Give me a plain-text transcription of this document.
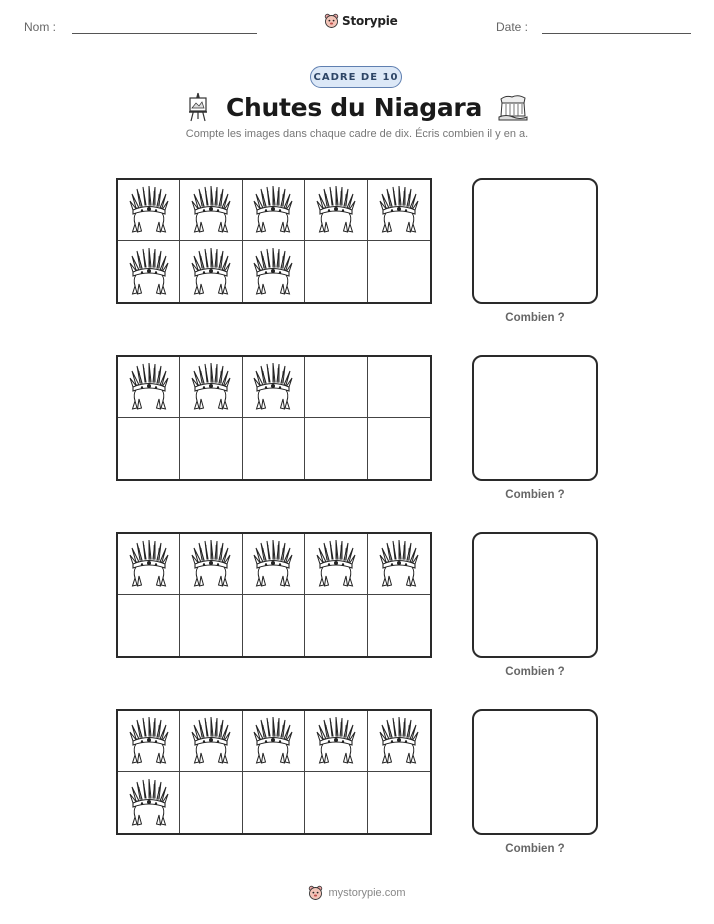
Nom :	Storypie	Date :
CADRE DE 10
Chutes du Niagara
Compte les images dans chaque cadre de dix. Écris combien il y en a.
Combien ?
Combien ?
Combien ?
Combien ?
mystorypie.com
